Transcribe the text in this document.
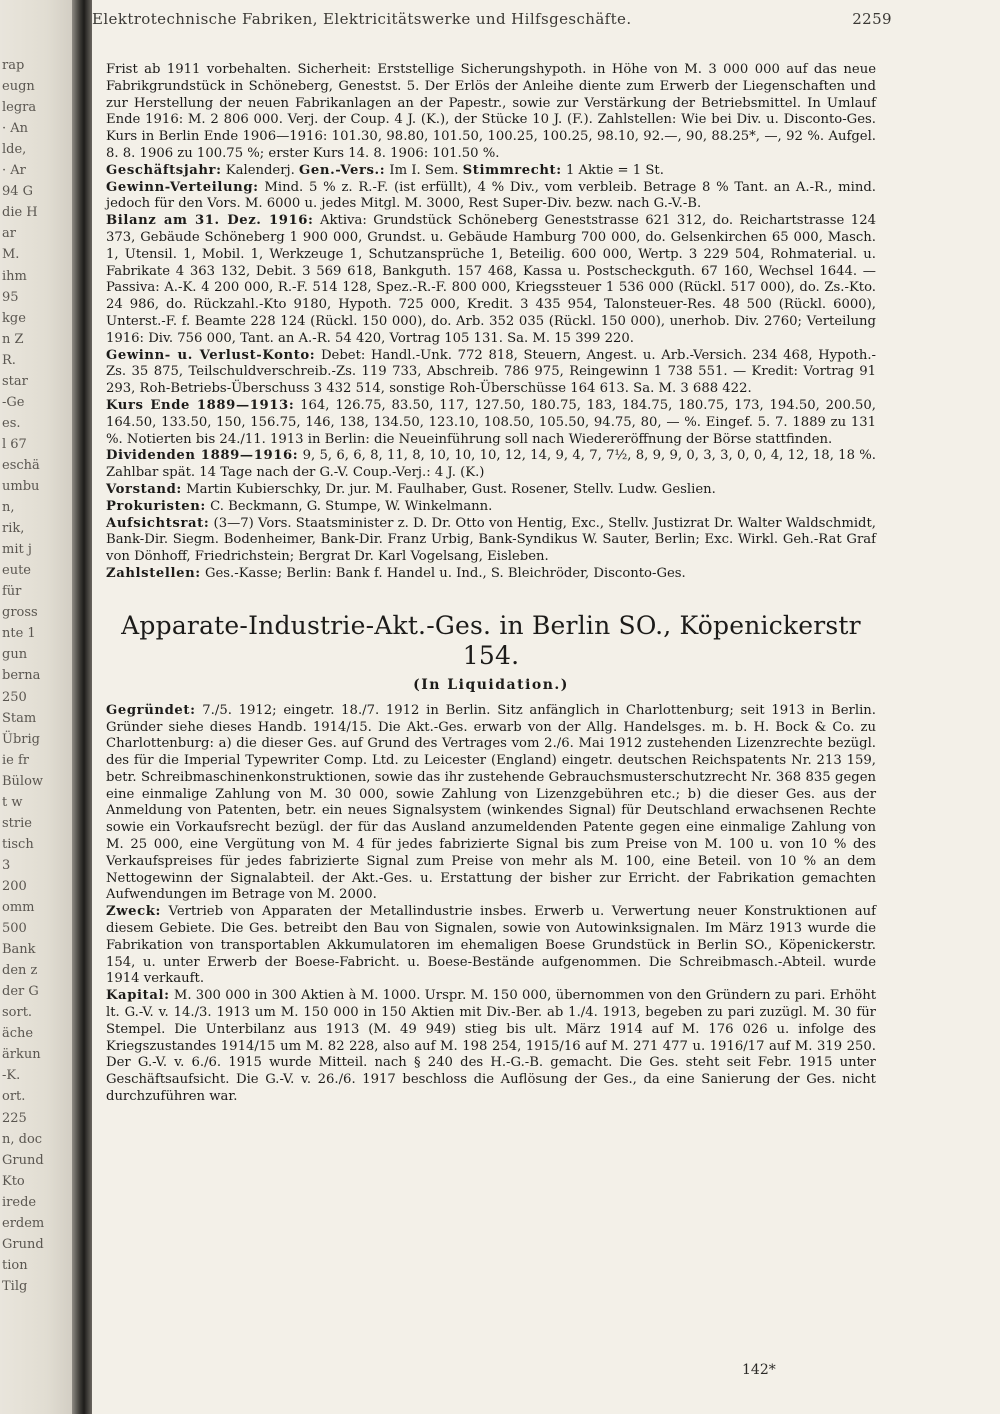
rap
eugn
legra
· An
lde,
· Ar
94 G
die H
ar
M.
ihm
95
kge
n Z
R.
star
-Ge
es.
l 67
eschä
umbu
n,
rik,
mit j
eute
für
gross
nte 1
gun
berna
250
Stam
Übrig
ie fr
Bülow
t w
strie
tisch
3
200
omm
500
Bank
den z
der G
sort.
äche
ärkun
-K.
ort.
225
n, doc
Grund
Kto
irede
erdem
Grund
tion
Tilg
Elektrotechnische Fabriken, Elektricitätswerke und Hilfsgeschäfte.	2259

Frist ab 1911 vorbehalten. Sicherheit: Erststellige Sicherungshypoth. in Höhe von M. 3 000 000 auf das neue Fabrikgrundstück in Schöneberg, Genestst. 5. Der Erlös der Anleihe diente zum Erwerb der Liegenschaften und zur Herstellung der neuen Fabrikanlagen an der Papestr., sowie zur Verstärkung der Betriebsmittel. In Umlauf Ende 1916: M. 2 806 000. Verj. der Coup. 4 J. (K.), der Stücke 10 J. (F.). Zahlstellen: Wie bei Div. u. Disconto-Ges. Kurs in Berlin Ende 1906—1916: 101.30, 98.80, 101.50, 100.25, 100.25, 98.10, 92.—, 90, 88.25*, —, 92 %. Aufgel. 8. 8. 1906 zu 100.75 %; erster Kurs 14. 8. 1906: 101.50 %.

Geschäftsjahr: Kalenderj. Gen.-Vers.: Im I. Sem. Stimmrecht: 1 Aktie = 1 St.

Gewinn-Verteilung: Mind. 5 % z. R.-F. (ist erfüllt), 4 % Div., vom verbleib. Betrage 8 % Tant. an A.-R., mind. jedoch für den Vors. M. 6000 u. jedes Mitgl. M. 3000, Rest Super-Div. bezw. nach G.-V.-B.

Bilanz am 31. Dez. 1916: Aktiva: Grundstück Schöneberg Geneststrasse 621 312, do. Reichartstrasse 124 373, Gebäude Schöneberg 1 900 000, Grundst. u. Gebäude Hamburg 700 000, do. Gelsenkirchen 65 000, Masch. 1, Utensil. 1, Mobil. 1, Werkzeuge 1, Schutzansprüche 1, Beteilig. 600 000, Wertp. 3 229 504, Rohmaterial. u. Fabrikate 4 363 132, Debit. 3 569 618, Bankguth. 157 468, Kassa u. Postscheckguth. 67 160, Wechsel 1644. — Passiva: A.-K. 4 200 000, R.-F. 514 128, Spez.-R.-F. 800 000, Kriegssteuer 1 536 000 (Rückl. 517 000), do. Zs.-Kto. 24 986, do. Rückzahl.-Kto 9180, Hypoth. 725 000, Kredit. 3 435 954, Talonsteuer-Res. 48 500 (Rückl. 6000), Unterst.-F. f. Beamte 228 124 (Rückl. 150 000), do. Arb. 352 035 (Rückl. 150 000), unerhob. Div. 2760; Verteilung 1916: Div. 756 000, Tant. an A.-R. 54 420, Vortrag 105 131. Sa. M. 15 399 220.

Gewinn- u. Verlust-Konto: Debet: Handl.-Unk. 772 818, Steuern, Angest. u. Arb.-Versich. 234 468, Hypoth.-Zs. 35 875, Teilschuldverschreib.-Zs. 119 733, Abschreib. 786 975, Reingewinn 1 738 551. — Kredit: Vortrag 91 293, Roh-Betriebs-Überschuss 3 432 514, sonstige Roh-Überschüsse 164 613. Sa. M. 3 688 422.

Kurs Ende 1889—1913: 164, 126.75, 83.50, 117, 127.50, 180.75, 183, 184.75, 180.75, 173, 194.50, 200.50, 164.50, 133.50, 150, 156.75, 146, 138, 134.50, 123.10, 108.50, 105.50, 94.75, 80, — %. Eingef. 5. 7. 1889 zu 131 %. Notierten bis 24./11. 1913 in Berlin: die Neueinführung soll nach Wiedereröffnung der Börse stattfinden.

Dividenden 1889—1916: 9, 5, 6, 6, 8, 11, 8, 10, 10, 10, 12, 14, 9, 4, 7, 7½, 8, 9, 9, 0, 3, 3, 0, 0, 4, 12, 18, 18 %. Zahlbar spät. 14 Tage nach der G.-V. Coup.-Verj.: 4 J. (K.)

Vorstand: Martin Kubierschky, Dr. jur. M. Faulhaber, Gust. Rosener, Stellv. Ludw. Geslien.

Prokuristen: C. Beckmann, G. Stumpe, W. Winkelmann.

Aufsichtsrat: (3—7) Vors. Staatsminister z. D. Dr. Otto von Hentig, Exc., Stellv. Justizrat Dr. Walter Waldschmidt, Bank-Dir. Siegm. Bodenheimer, Bank-Dir. Franz Urbig, Bank-Syndikus W. Sauter, Berlin; Exc. Wirkl. Geh.-Rat Graf von Dönhoff, Friedrichstein; Bergrat Dr. Karl Vogelsang, Eisleben.

Zahlstellen: Ges.-Kasse; Berlin: Bank f. Handel u. Ind., S. Bleichröder, Disconto-Ges.

Apparate-Industrie-Akt.-Ges. in Berlin SO., Köpenickerstr 154.
(In Liquidation.)

Gegründet: 7./5. 1912; eingetr. 18./7. 1912 in Berlin. Sitz anfänglich in Charlottenburg; seit 1913 in Berlin. Gründer siehe dieses Handb. 1914/15. Die Akt.-Ges. erwarb von der Allg. Handelsges. m. b. H. Bock & Co. zu Charlottenburg: a) die dieser Ges. auf Grund des Vertrages vom 2./6. Mai 1912 zustehenden Lizenzrechte bezügl. des für die Imperial Typewriter Comp. Ltd. zu Leicester (England) eingetr. deutschen Reichspatents Nr. 213 159, betr. Schreibmaschinenkonstruktionen, sowie das ihr zustehende Gebrauchsmusterschutzrecht Nr. 368 835 gegen eine einmalige Zahlung von M. 30 000, sowie Zahlung von Lizenzgebühren etc.; b) die dieser Ges. aus der Anmeldung von Patenten, betr. ein neues Signalsystem (winkendes Signal) für Deutschland erwachsenen Rechte sowie ein Vorkaufsrecht bezügl. der für das Ausland anzumeldenden Patente gegen eine einmalige Zahlung von M. 25 000, eine Vergütung von M. 4 für jedes fabrizierte Signal bis zum Preise von M. 100 u. von 10 % des Verkaufspreises für jedes fabrizierte Signal zum Preise von mehr als M. 100, eine Beteil. von 10 % an dem Nettogewinn der Signalabteil. der Akt.-Ges. u. Erstattung der bisher zur Erricht. der Fabrikation gemachten Aufwendungen im Betrage von M. 2000.

Zweck: Vertrieb von Apparaten der Metallindustrie insbes. Erwerb u. Verwertung neuer Konstruktionen auf diesem Gebiete. Die Ges. betreibt den Bau von Signalen, sowie von Autowinksignalen. Im März 1913 wurde die Fabrikation von transportablen Akkumulatoren im ehemaligen Boese Grundstück in Berlin SO., Köpenickerstr. 154, u. unter Erwerb der Boese-Fabricht. u. Boese-Bestände aufgenommen. Die Schreibmasch.-Abteil. wurde 1914 verkauft.

Kapital: M. 300 000 in 300 Aktien à M. 1000. Urspr. M. 150 000, übernommen von den Gründern zu pari. Erhöht lt. G.-V. v. 14./3. 1913 um M. 150 000 in 150 Aktien mit Div.-Ber. ab 1./4. 1913, begeben zu pari zuzügl. M. 30 für Stempel. Die Unterbilanz aus 1913 (M. 49 949) stieg bis ult. März 1914 auf M. 176 026 u. infolge des Kriegszustandes 1914/15 um M. 82 228, also auf M. 198 254, 1915/16 auf M. 271 477 u. 1916/17 auf M. 319 250. Der G.-V. v. 6./6. 1915 wurde Mitteil. nach § 240 des H.-G.-B. gemacht. Die Ges. steht seit Febr. 1915 unter Geschäftsaufsicht. Die G.-V. v. 26./6. 1917 beschloss die Auflösung der Ges., da eine Sanierung der Ges. nicht durchzuführen war.

142*
